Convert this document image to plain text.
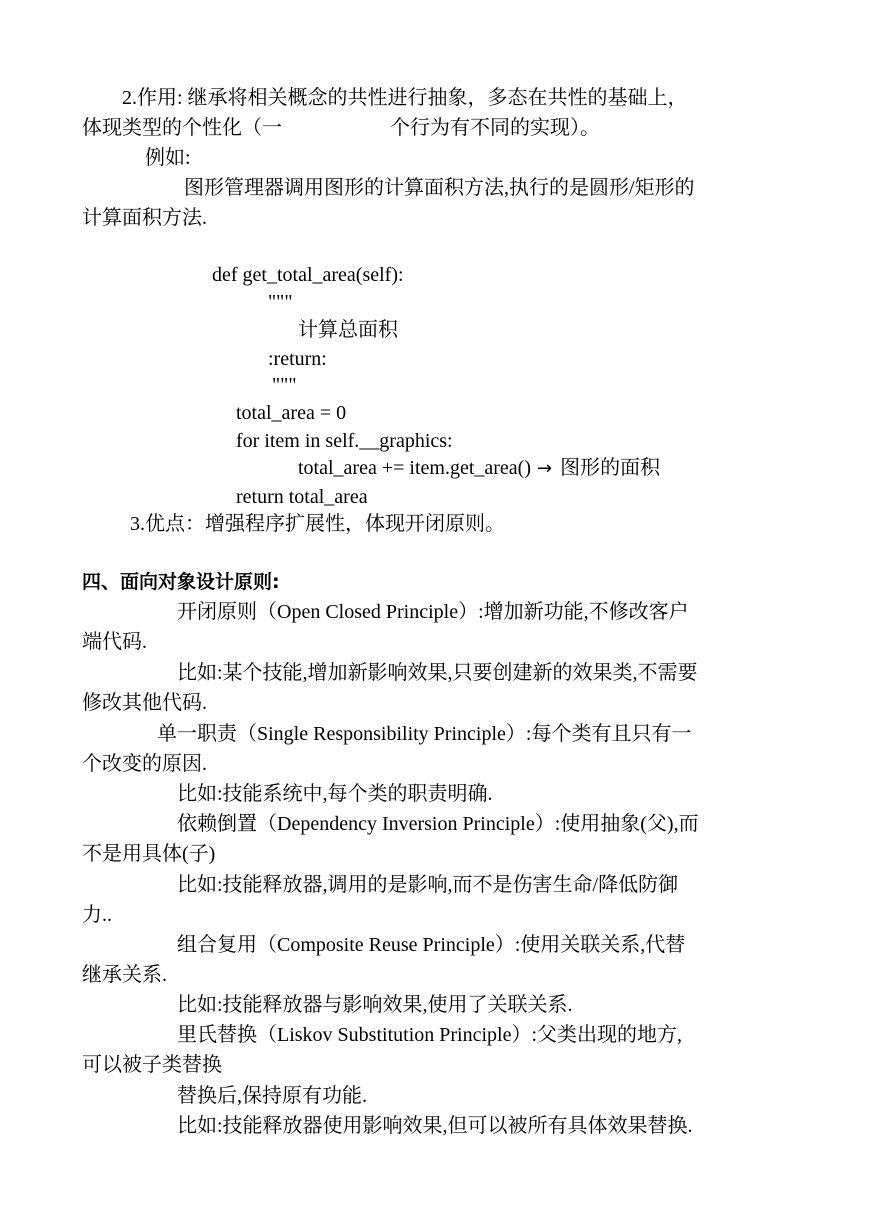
2.作用: 继承将相关概念的共性进行抽象，多态在共性的基础上，

体现类型的个性化（一	个行为有不同的实现）。

例如:

图形管理器调用图形的计算面积方法,执行的是圆形/矩形的

计算面积方法.

def get_total_area(self):

"""

计算总面积

:return:

"""

total_area = 0

for item in self.__graphics:

total_area += item.get_area() → 图形的面积

return total_area

3.优点：增强程序扩展性，体现开闭原则。

四、面向对象设计原则:

开闭原则（Open Closed Principle）:增加新功能,不修改客户

端代码.

比如:某个技能,增加新影响效果,只要创建新的效果类,不需要

修改其他代码.

单一职责（Single Responsibility Principle）:每个类有且只有一

个改变的原因.

比如:技能系统中,每个类的职责明确.

依赖倒置（Dependency Inversion Principle）:使用抽象(父),而

不是用具体(子)

比如:技能释放器,调用的是影响,而不是伤害生命/降低防御

力..

组合复用（Composite Reuse Principle）:使用关联关系,代替

继承关系.

比如:技能释放器与影响效果,使用了关联关系.

里氏替换（Liskov Substitution Principle）:父类出现的地方,

可以被子类替换

替换后,保持原有功能.

比如:技能释放器使用影响效果,但可以被所有具体效果替换.
